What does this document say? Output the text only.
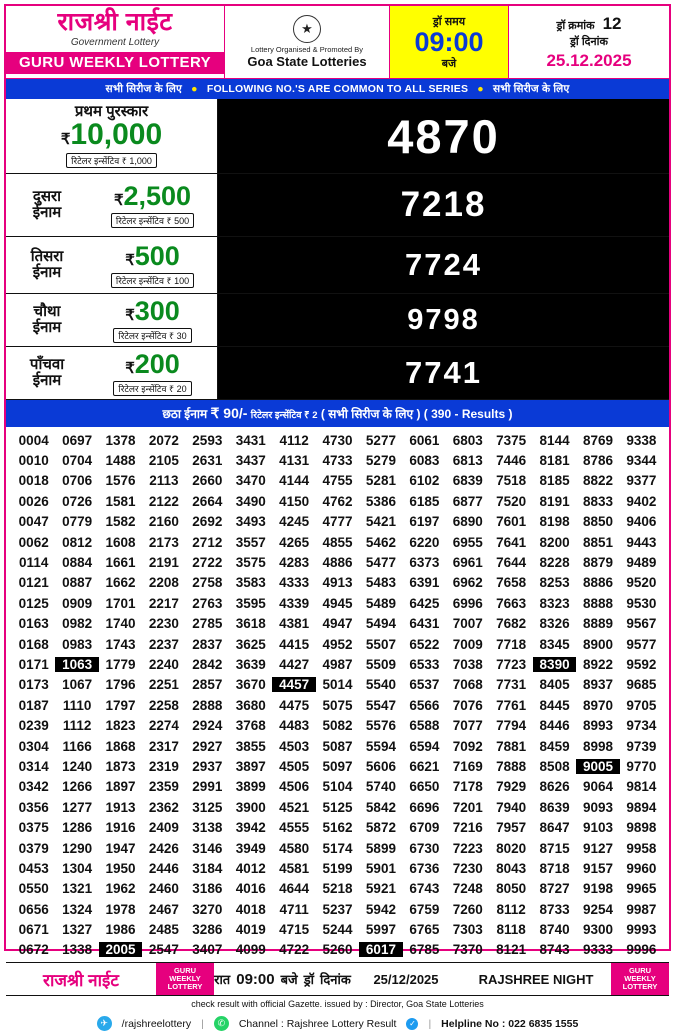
राजश्री नाईट
Government Lottery
GURU WEEKLY LOTTERY
★
Lottery Organised & Promoted By
Goa State Lotteries
ड्रॉ समय
09:00
बजे
ड्रॉ क्रमांक 12
ड्रॉ दिनांक
25.12.2025
सभी सिरीज के लिए ● FOLLOWING NO.'S ARE COMMON TO ALL SERIES ● सभी सिरीज के लिए
प्रथम पुरस्कार
₹10,000
रिटेलर इन्सेंटिव ₹ 1,000	4870
दुसरा
ईनाम
₹2,500
रिटेलर इन्सेंटिव ₹ 500	7218
तिसरा
ईनाम
₹500
रिटेलर इन्सेंटिव ₹ 100	7724
चौथा
ईनाम
₹300
रिटेलर इन्सेंटिव ₹ 30	9798
पाँचवा
ईनाम
₹200
रिटेलर इन्सेंटिव ₹ 20	7741
छठा ईनाम ₹ 90/- रिटेलर इन्सेंटिव ₹ 2 ( सभी सिरीज के लिए ) ( 390 - Results )
0004 0697 1378 2072 2593 3431	4112	4730 5277 6061 6803 7375 8144 8769 9338
0010 0704 1488 2105 2631 3437 4131 4733 5279 6083 6813 7446 8181 8786 9344
0018 0706 1576	2113	2660 3470 4144 4755 5281 6102 6839 7518 8185 8822 9377
0026 0726 1581 2122 2664 3490 4150 4762 5386 6185 6877 7520 8191 8833 9402
0047 0779 1582 2160 2692 3493 4245 4777 5421 6197 6890 7601 8198 8850 9406
0062 0812 1608 2173 2712 3557 4265 4855 5462 6220 6955 7641 8200 8851 9443
0114	0884 1661 2191 2722 3575 4283 4886 5477 6373 6961 7644 8228 8879 9489
0121 0887 1662 2208 2758 3583 4333 4913 5483 6391 6962 7658 8253 8886 9520
0125 0909 1701 2217 2763 3595 4339 4945 5489 6425 6996 7663 8323 8888 9530
0163 0982 1740 2230 2785 3618 4381 4947 5494 6431 7007 7682 8326 8889 9567
0168 0983 1743 2237 2837 3625 4415 4952 5507 6522 7009 7718 8345 8900 9577
0171 1063 1779 2240 2842 3639 4427 4987 5509 6533 7038 7723 8390 8922 9592
0173 1067 1796 2251 2857 3670 4457 5014 5540 6537 7068 7731 8405 8937 9685
0187	1110	1797 2258 2888 3680 4475 5075 5547 6566 7076 7761 8445 8970 9705
0239	1112	1823 2274 2924 3768 4483 5082 5576 6588 7077 7794 8446 8993 9734
0304	1166	1868 2317 2927 3855 4503 5087 5594 6594 7092 7881 8459 8998 9739
0314 1240 1873 2319 2937 3897 4505 5097 5606 6621 7169 7888 8508 9005 9770
0342 1266 1897 2359 2991 3899 4506 5104 5740 6650 7178 7929 8626 9064 9814
0356 1277 1913 2362 3125 3900 4521 5125 5842 6696 7201 7940 8639 9093 9894
0375 1286 1916 2409 3138 3942 4555 5162 5872 6709 7216 7957 8647 9103 9898
0379 1290 1947 2426 3146 3949 4580 5174 5899 6730 7223 8020 8715 9127 9958
0453 1304 1950 2446 3184 4012 4581 5199 5901 6736 7230 8043 8718 9157 9960
0550 1321 1962 2460 3186 4016 4644 5218 5921 6743 7248 8050 8727 9198 9965
0656 1324 1978 2467 3270 4018	4711	5237 5942 6759 7260	8112	8733 9254 9987
0671 1327 1986 2485 3286 4019 4715 5244 5997 6765 7303	8118	8740 9300 9993
0672 1338 2005 2547 3407 4099 4722 5260 6017 6785 7370 8121 8743 9333 9996
राजश्री नाईट
GURU
WEEKLY
LOTTERY रात 09:00 बजे ड्रॉ दिनांक	25/12/2025	RAJSHREE NIGHT
GURU
WEEKLY
LOTTERY
check result with official Gazette. issued by : Director, Goa State Lotteries
✈	/rajshreelottery |	✆	Channel : Rajshree Lottery Result	✓ | Helpline No : 022 6835 1555
